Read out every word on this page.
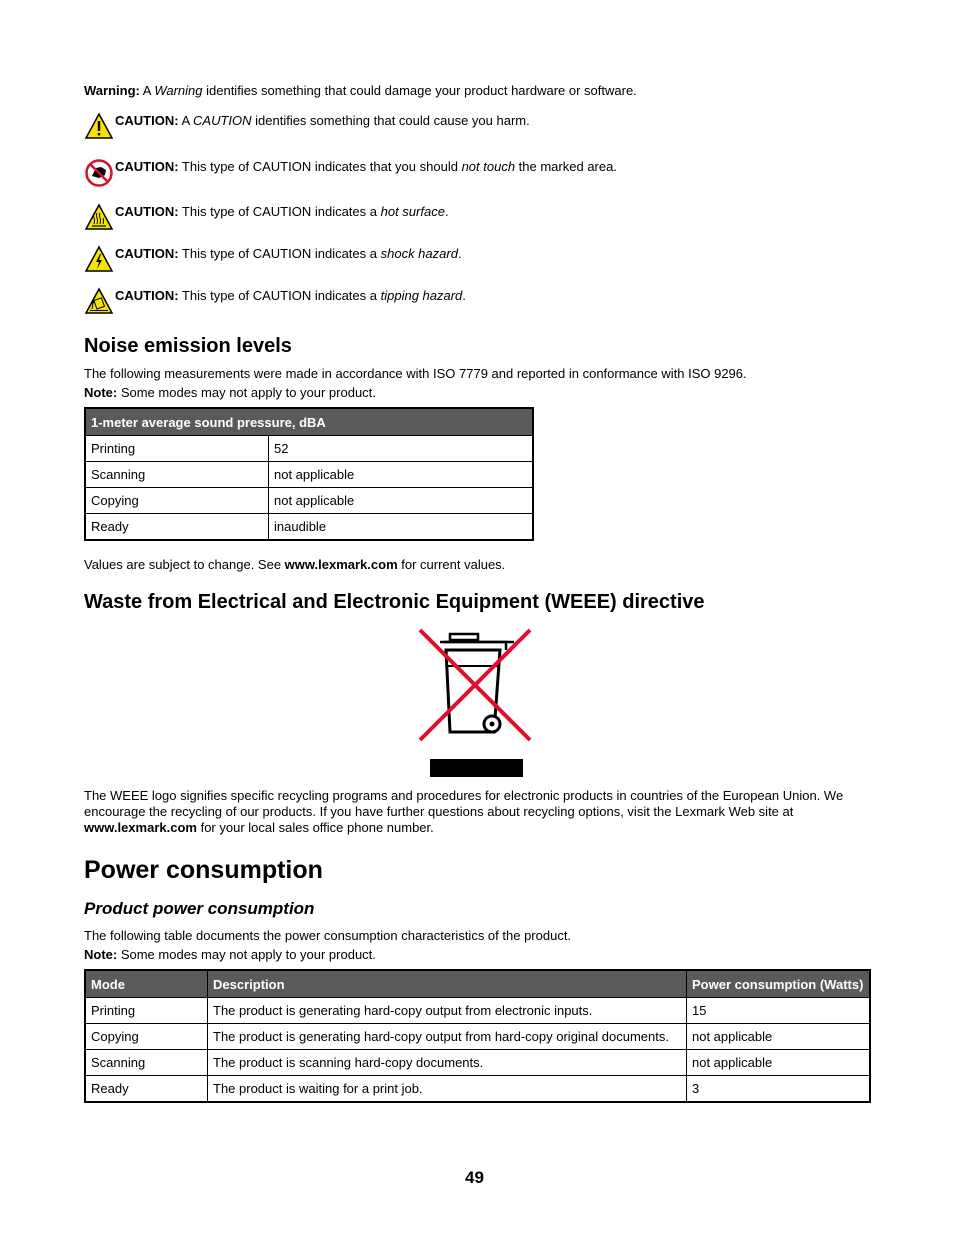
Warning: A Warning identifies something that could damage your product hardware or software.
CAUTION: A CAUTION identifies something that could cause you harm.
CAUTION: This type of CAUTION indicates that you should not touch the marked area.
CAUTION: This type of CAUTION indicates a hot surface.
CAUTION: This type of CAUTION indicates a shock hazard.
CAUTION: This type of CAUTION indicates a tipping hazard.
Noise emission levels
The following measurements were made in accordance with ISO 7779 and reported in conformance with ISO 9296.
Note: Some modes may not apply to your product.
1-meter average sound pressure, dBA	
Printing	52
Scanning	not applicable
Copying	not applicable
Ready	inaudible
Values are subject to change. See www.lexmark.com for current values.
Waste from Electrical and Electronic Equipment (WEEE) directive
The WEEE logo signifies specific recycling programs and procedures for electronic products in countries of the European Union. We encourage the recycling of our products. If you have further questions about recycling options, visit the Lexmark Web site at www.lexmark.com for your local sales office phone number.
Power consumption
Product power consumption
The following table documents the power consumption characteristics of the product.
Note: Some modes may not apply to your product.
Mode	Description	Power consumption (Watts)
Printing	The product is generating hard-copy output from electronic inputs.	15
Copying	The product is generating hard-copy output from hard-copy original documents.	not applicable
Scanning	The product is scanning hard-copy documents.	not applicable
Ready	The product is waiting for a print job.	3
49
